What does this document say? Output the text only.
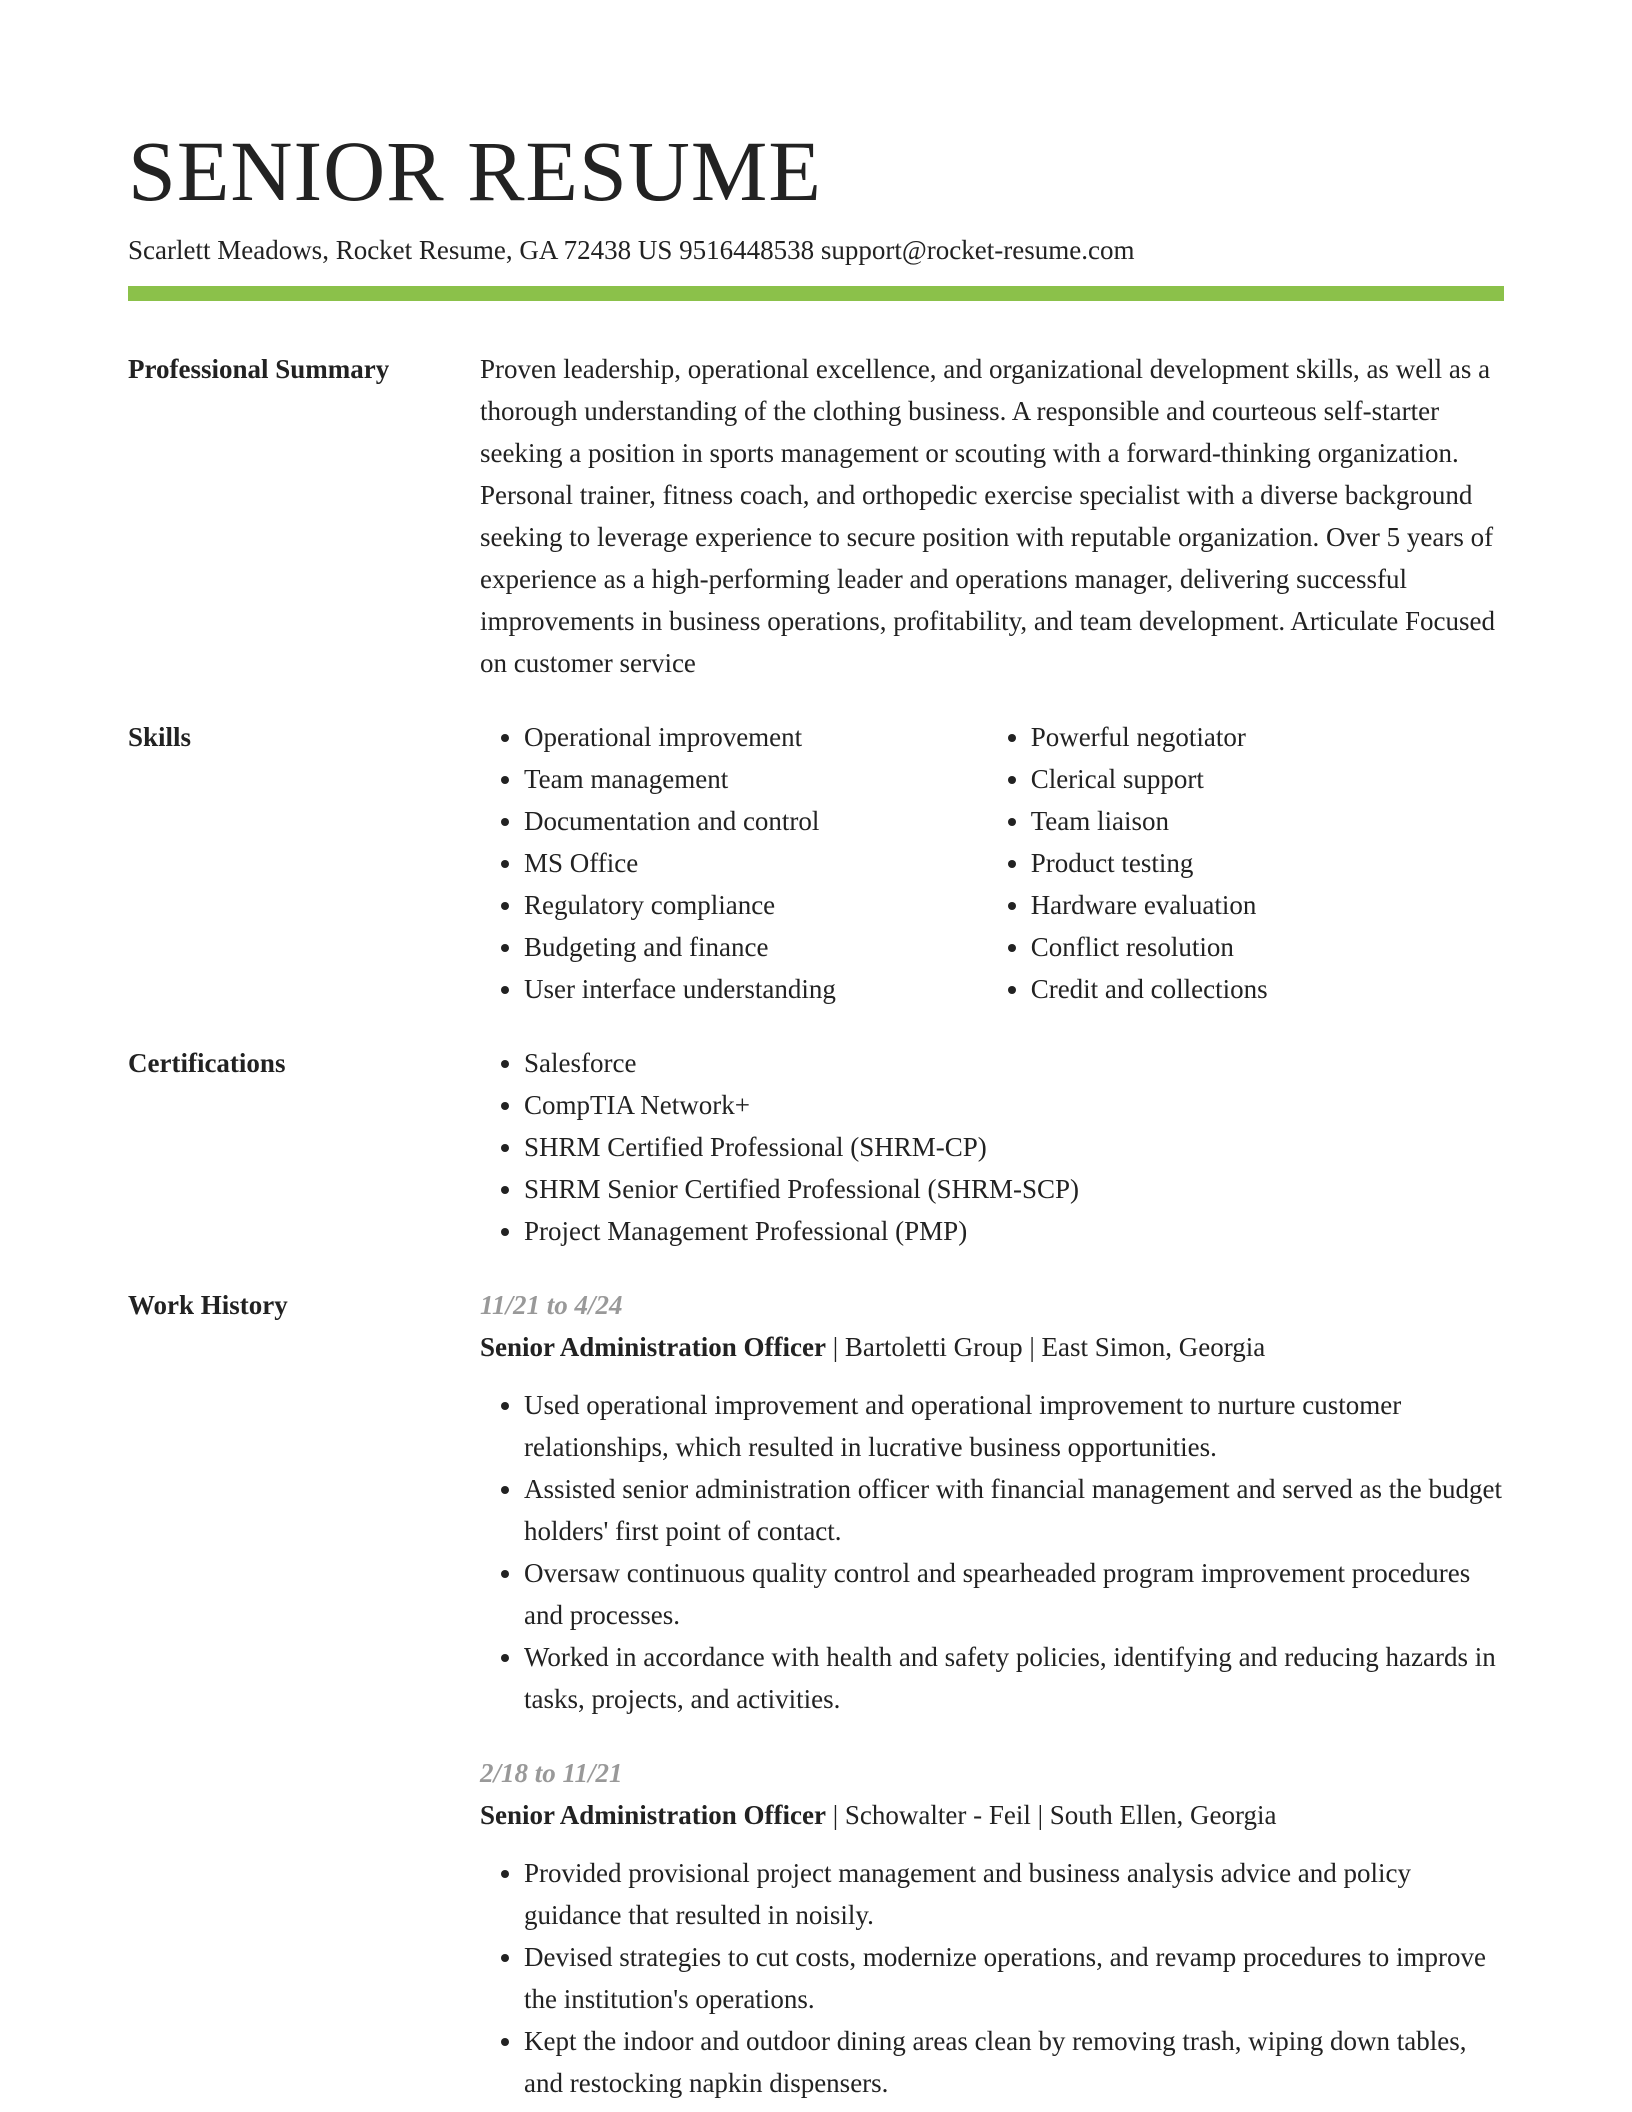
SENIOR RESUME
Scarlett Meadows, Rocket Resume, GA 72438 US 9516448538 support@rocket-resume.com
Professional Summary	Proven leadership, operational excellence, and organizational development skills, as well as a thorough understanding of the clothing business. A responsible and courteous self-starter seeking a position in sports management or scouting with a forward-thinking organization. Personal trainer, fitness coach, and orthopedic exercise specialist with a diverse background seeking to leverage experience to secure position with reputable organization. Over 5 years of experience as a high-performing leader and operations manager, delivering successful improvements in business operations, profitability, and team development. Articulate Focused on customer service

Skills	• Operational improvement
• Team management
• Documentation and control
• MS Office
• Regulatory compliance
• Budgeting and finance
• User interface understanding
• Powerful negotiator
• Clerical support
• Team liaison
• Product testing
• Hardware evaluation
• Conflict resolution
• Credit and collections
Certifications	• Salesforce
• CompTIA Network+
• SHRM Certified Professional (SHRM-CP)
• SHRM Senior Certified Professional (SHRM-SCP)
• Project Management Professional (PMP)
Work History	11/21 to 4/24
Senior Administration Officer | Bartoletti Group | East Simon, Georgia
• Used operational improvement and operational improvement to nurture customer relationships, which resulted in lucrative business opportunities.
• Assisted senior administration officer with financial management and served as the budget holders' first point of contact.
• Oversaw continuous quality control and spearheaded program improvement procedures and processes.
• Worked in accordance with health and safety policies, identifying and reducing hazards in tasks, projects, and activities.
2/18 to 11/21
Senior Administration Officer | Schowalter - Feil | South Ellen, Georgia
• Provided provisional project management and business analysis advice and policy guidance that resulted in noisily.
• Devised strategies to cut costs, modernize operations, and revamp procedures to improve the institution's operations.
• Kept the indoor and outdoor dining areas clean by removing trash, wiping down tables, and restocking napkin dispensers.
